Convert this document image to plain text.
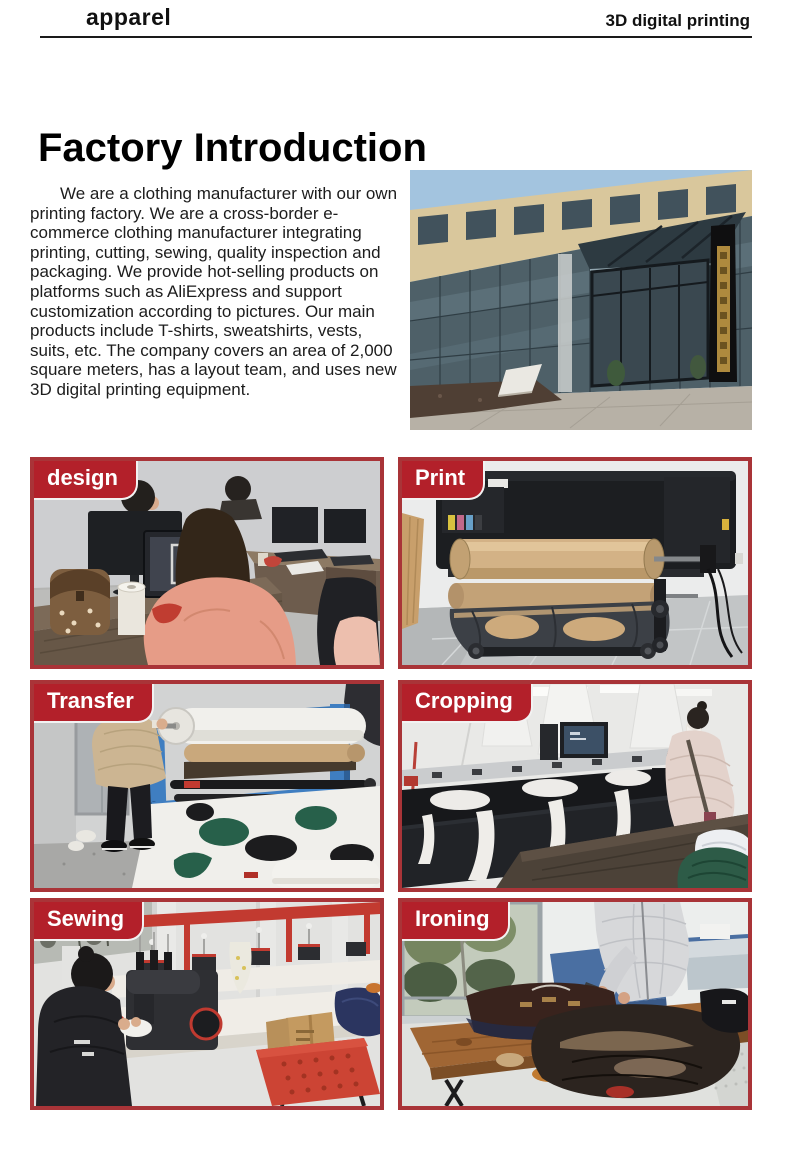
apparel	3D digital printing
Factory Introduction

We are a clothing manufacturer with our own printing factory. We are a cross-border e-commerce clothing manufacturer integrating printing, cutting, sewing, quality inspection and packaging. We provide hot-selling products on platforms such as AliExpress and support customization according to pictures. Our main products include T-shirts, sweatshirts, vests, suits, etc. The company covers an area of 2,000 square meters, has a layout team, and uses new 3D digital printing equipment.

design	Print
Transfer	Cropping
Sewing	Ironing
